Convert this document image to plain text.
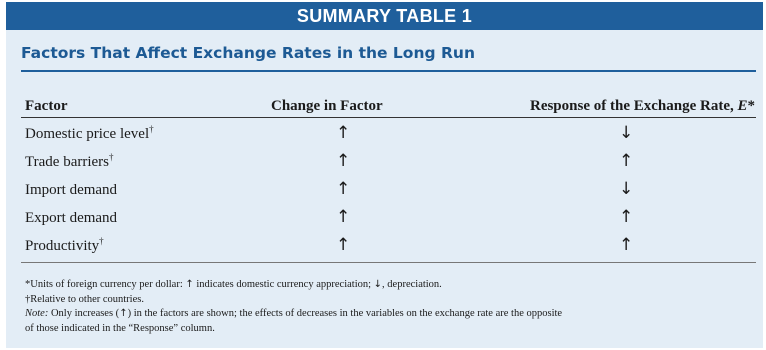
SUMMARY TABLE 1
Factors That Affect Exchange Rates in the Long Run
Factor	Change in Factor	Response of the Exchange Rate, E*
Domestic price level†	↑	↓
Trade barriers†	↑	↑
Import demand	↑	↓
Export demand	↑	↑
Productivity†	↑	↑

*Units of foreign currency per dollar: ↑ indicates domestic currency appreciation; ↓, depreciation.

†Relative to other countries.

Note: Only increases (↑) in the factors are shown; the effects of decreases in the variables on the exchange rate are the opposite

of those indicated in the “Response” column.
